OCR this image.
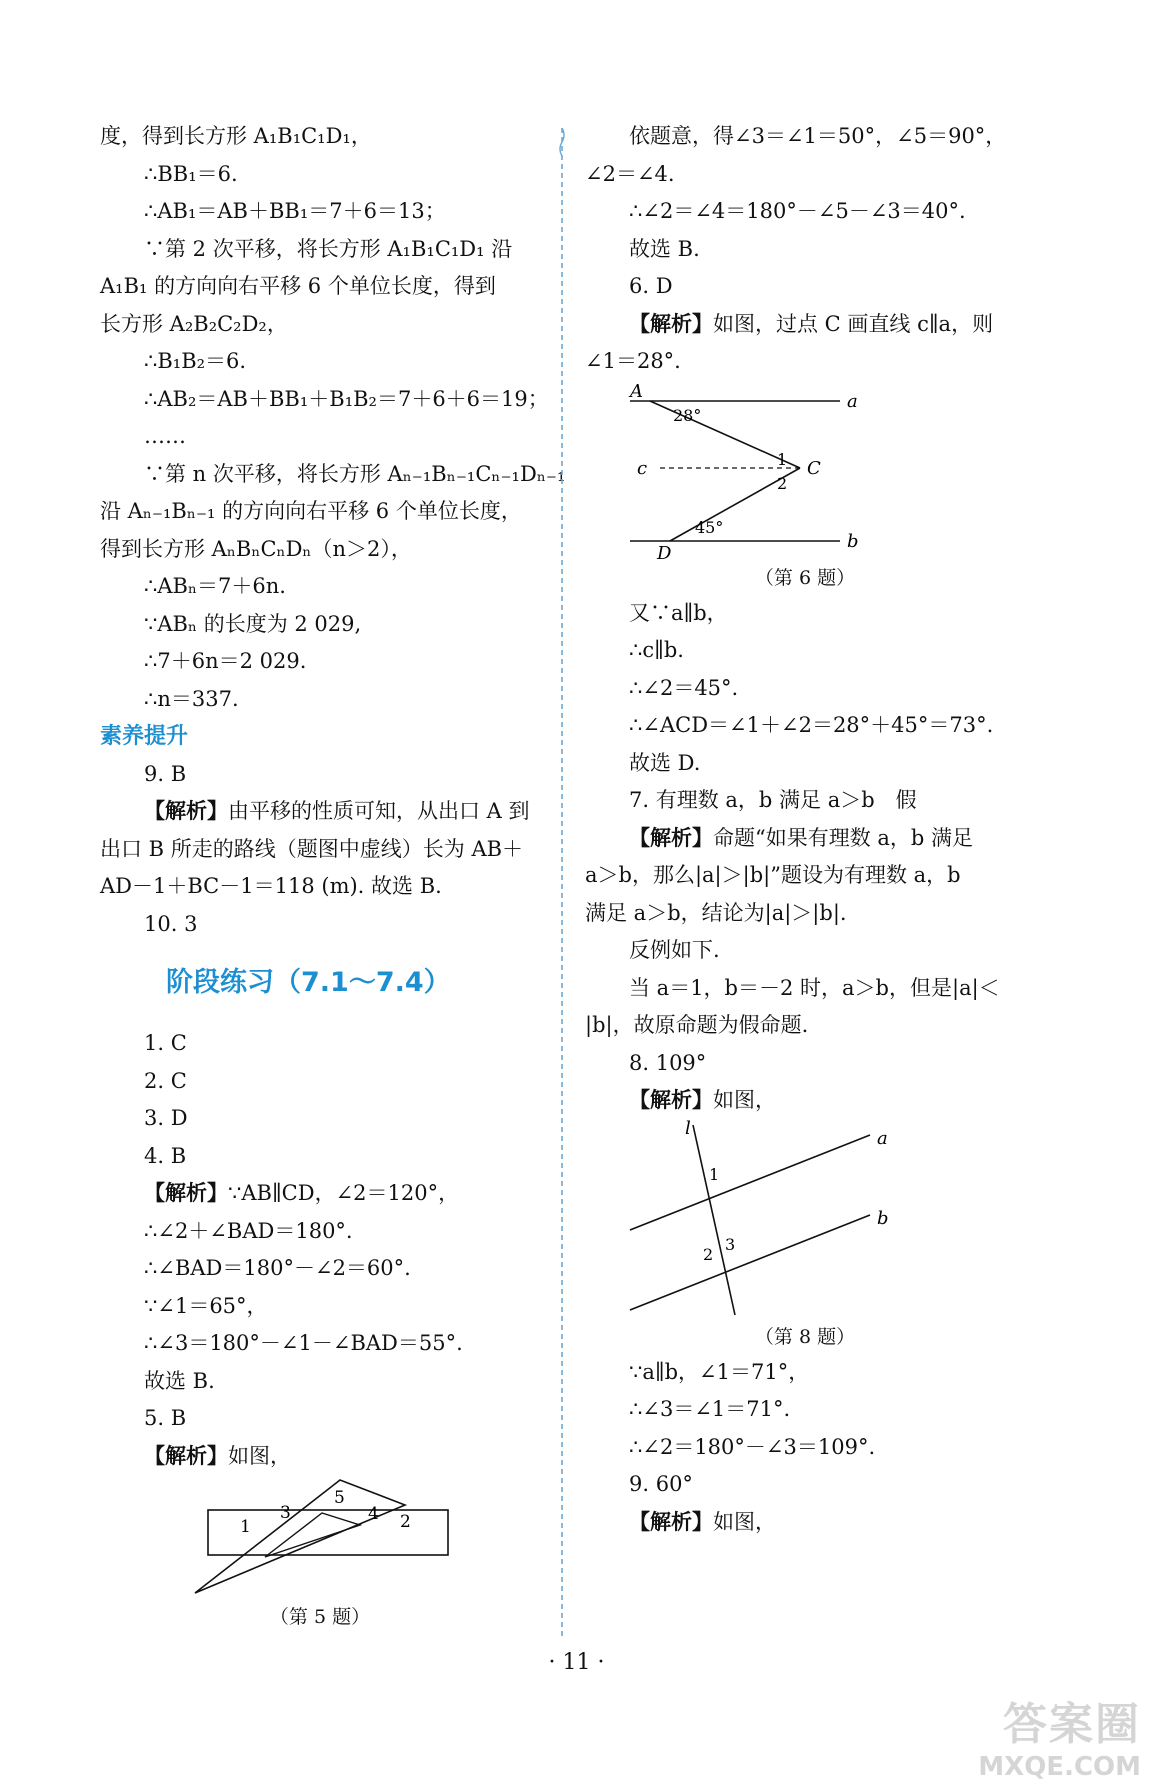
度，得到长方形 A₁B₁C₁D₁，
∴BB₁＝6.
∴AB₁＝AB＋BB₁＝7＋6＝13；
∵第 2 次平移，将长方形 A₁B₁C₁D₁ 沿
A₁B₁ 的方向向右平移 6 个单位长度，得到
长方形 A₂B₂C₂D₂，
∴B₁B₂＝6.
∴AB₂＝AB＋BB₁＋B₁B₂＝7＋6＋6＝19；
……
∵第 n 次平移，将长方形 Aₙ₋₁Bₙ₋₁Cₙ₋₁Dₙ₋₁
沿 Aₙ₋₁Bₙ₋₁ 的方向向右平移 6 个单位长度，
得到长方形 AₙBₙCₙDₙ（n＞2），
∴ABₙ＝7＋6n.
∵ABₙ 的长度为 2 029,
∴7＋6n＝2 029.
∴n＝337.
素养提升
9. B
【解析】由平移的性质可知，从出口 A 到
出口 B 所走的路线（题图中虚线）长为 AB＋
AD－1＋BC－1＝118 (m). 故选 B.
10. 3
阶段练习（7.1～7.4）
1. C
2. C
3. D
4. B
【解析】∵AB∥CD，∠2＝120°，
∴∠2＋∠BAD＝180°.
∴∠BAD＝180°－∠2＝60°.
∵∠1＝65°，
∴∠3＝180°－∠1－∠BAD＝55°.
故选 B.
5. B
【解析】如图，
1	2
3	4
5
（第 5 题）
依题意，得∠3＝∠1＝50°，∠5＝90°，
∠2＝∠4.
∴∠2＝∠4＝180°－∠5－∠3＝40°.
故选 B.
6. D
【解析】如图，过点 C 画直线 c∥a，则
∠1＝28°.
A	a
28°
c	1 C
2
45°
D
b
（第 6 题）
又∵a∥b，
∴c∥b.
∴∠2＝45°.
∴∠ACD＝∠1＋∠2＝28°＋45°＝73°.
故选 D.
7. 有理数 a，b 满足 a＞b　假
【解析】命题“如果有理数 a，b 满足
a＞b，那么|a|＞|b|”题设为有理数 a，b
满足 a＞b，结论为|a|＞|b|.
反例如下.
当 a＝1，b＝－2 时，a＞b，但是|a|＜
|b|，故原命题为假命题.
8. 109°
【解析】如图，
l	a
1
b
2
3
（第 8 题）
∵a∥b，∠1＝71°，
∴∠3＝∠1＝71°.
∴∠2＝180°－∠3＝109°.
9. 60°
【解析】如图，
· 11 ·
答案圈
MXQE.COM
